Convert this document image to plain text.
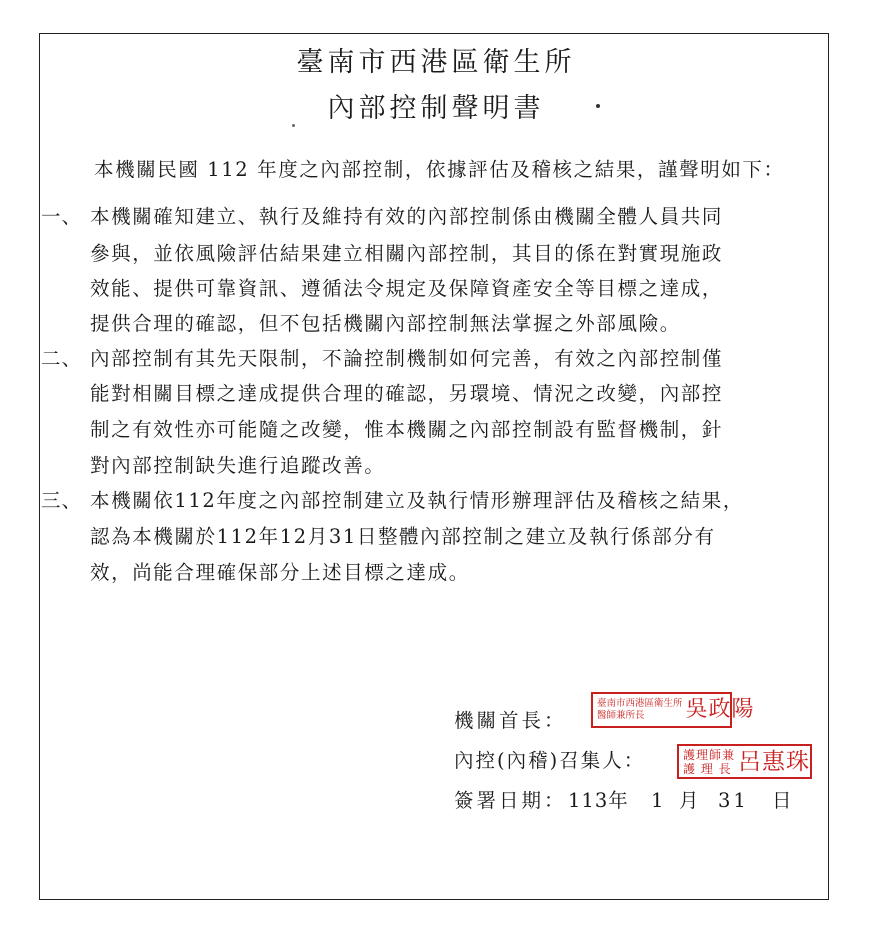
臺南市西港區衛生所
內部控制聲明書
本機關民國 112 年度之內部控制，依據評估及稽核之結果，謹聲明如下：
一、 本機關確知建立、執行及維持有效的內部控制係由機關全體人員共同
參與，並依風險評估結果建立相關內部控制，其目的係在對實現施政
效能、提供可靠資訊、遵循法令規定及保障資產安全等目標之達成，
提供合理的確認，但不包括機關內部控制無法掌握之外部風險。
二、 內部控制有其先天限制，不論控制機制如何完善，有效之內部控制僅
能對相關目標之達成提供合理的確認，另環境、情況之改變，內部控
制之有效性亦可能隨之改變，惟本機關之內部控制設有監督機制，針
對內部控制缺失進行追蹤改善。
三、 本機關依112年度之內部控制建立及執行情形辦理評估及稽核之結果，
認為本機關於112年12月31日整體內部控制之建立及執行係部分有
效，尚能合理確保部分上述目標之達成。
機關首長：
臺南市西港區衛生所
醫師兼所長	吳政陽
內控(內稽)召集人：	護理師兼
護 理 長 呂惠珠
簽署日期： 113年 1 月 31 日
